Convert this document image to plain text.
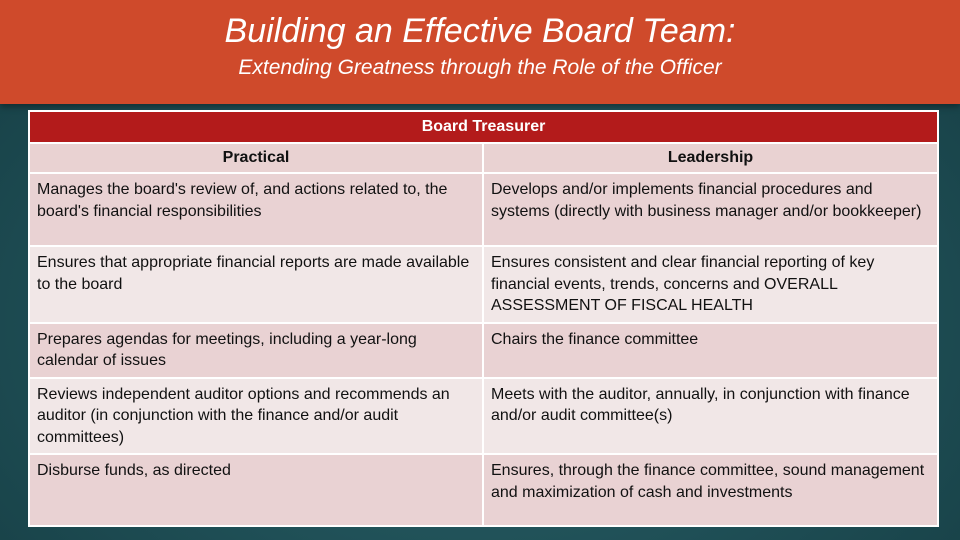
Building an Effective Board Team:
Extending Greatness through the Role of the Officer
Board Treasurer	
Practical	Leadership
Manages the board's review of, and actions related to, the board's financial responsibilities	Develops and/or implements financial procedures and systems (directly with business manager and/or bookkeeper)
Ensures that appropriate financial reports are made available to the board	Ensures consistent and clear financial reporting of key financial events, trends, concerns and OVERALL ASSESSMENT OF FISCAL HEALTH
Prepares agendas for meetings, including a year-long calendar of issues	Chairs the finance committee
Reviews independent auditor options and recommends an auditor (in conjunction with the finance and/or audit committees)	Meets with the auditor, annually, in conjunction with finance and/or audit committee(s)
Disburse funds, as directed	Ensures, through the finance committee, sound management and maximization of cash and investments
